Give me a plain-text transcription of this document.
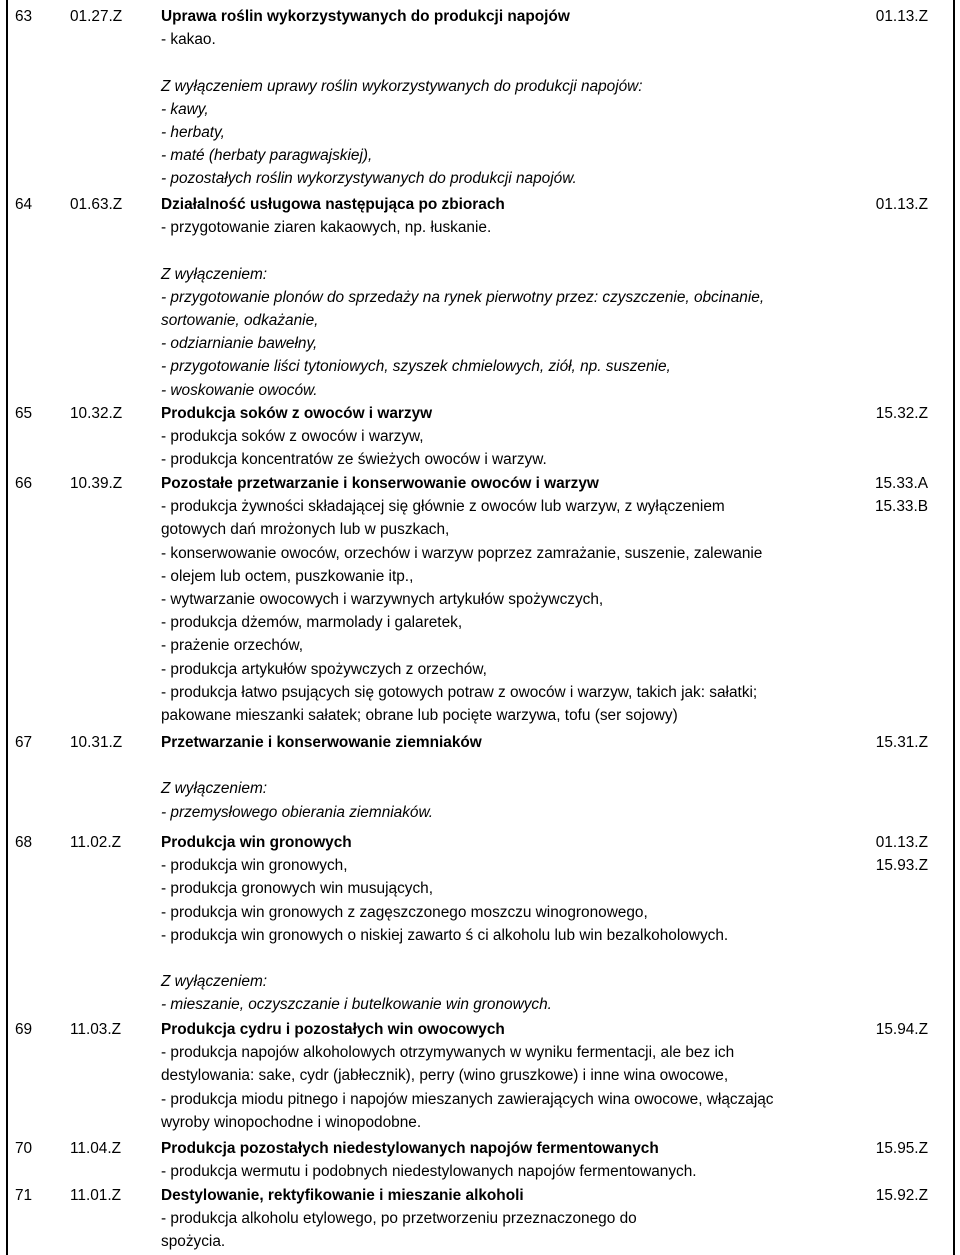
63 01.27.Z	Uprawa roślin wykorzystywanych do produkcji napojów
- kakao.
Z wyłączeniem uprawy roślin wykorzystywanych do produkcji napojów:
- kawy,
- herbaty,
- maté (herbaty paragwajskiej),
- pozostałych roślin wykorzystywanych do produkcji napojów.
01.13.Z
64 01.63.Z	Działalność usługowa następująca po zbiorach
- przygotowanie ziaren kakaowych, np. łuskanie.
Z wyłączeniem:
- przygotowanie plonów do sprzedaży na rynek pierwotny przez: czyszczenie, obcinanie,
sortowanie, odkażanie,
- odziarnianie bawełny,
- przygotowanie liści tytoniowych, szyszek chmielowych, ziół, np. suszenie,
- woskowanie owoców.
01.13.Z
65 10.32.Z	Produkcja soków z owoców i warzyw
- produkcja soków z owoców i warzyw,
- produkcja koncentratów ze świeżych owoców i warzyw.
15.32.Z
66 10.39.Z	Pozostałe przetwarzanie i konserwowanie owoców i warzyw
- produkcja żywności składającej się głównie z owoców lub warzyw, z wyłączeniem
gotowych dań mrożonych lub w puszkach,
- konserwowanie owoców, orzechów i warzyw poprzez zamrażanie, suszenie, zalewanie
- olejem lub octem, puszkowanie itp.,
- wytwarzanie owocowych i warzywnych artykułów spożywczych,
- produkcja dżemów, marmolady i galaretek,
- prażenie orzechów,
- produkcja artykułów spożywczych z orzechów,
- produkcja łatwo psujących się gotowych potraw z owoców i warzyw, takich jak: sałatki;
pakowane mieszanki sałatek; obrane lub pocięte warzywa, tofu (ser sojowy)
15.33.A
15.33.B
67 10.31.Z	Przetwarzanie i konserwowanie ziemniaków
Z wyłączeniem:
- przemysłowego obierania ziemniaków.
15.31.Z
68 11.02.Z	Produkcja win gronowych
- produkcja win gronowych,
- produkcja gronowych win musujących,
- produkcja win gronowych z zagęszczonego moszczu winogronowego,
- produkcja win gronowych o niskiej zawarto ś ci alkoholu lub win bezalkoholowych.
Z wyłączeniem:
- mieszanie, oczyszczanie i butelkowanie win gronowych.
01.13.Z
15.93.Z
69 11.03.Z	Produkcja cydru i pozostałych win owocowych
- produkcja napojów alkoholowych otrzymywanych w wyniku fermentacji, ale bez ich
destylowania: sake, cydr (jabłecznik), perry (wino gruszkowe) i inne wina owocowe,
- produkcja miodu pitnego i napojów mieszanych zawierających wina owocowe, włączając
wyroby winopochodne i winopodobne.
15.94.Z
70 11.04.Z	Produkcja pozostałych niedestylowanych napojów fermentowanych
- produkcja wermutu i podobnych niedestylowanych napojów fermentowanych.
15.95.Z
71 11.01.Z	Destylowanie, rektyfikowanie i mieszanie alkoholi
- produkcja alkoholu etylowego, po przetworzeniu przeznaczonego do
spożycia.
15.92.Z
